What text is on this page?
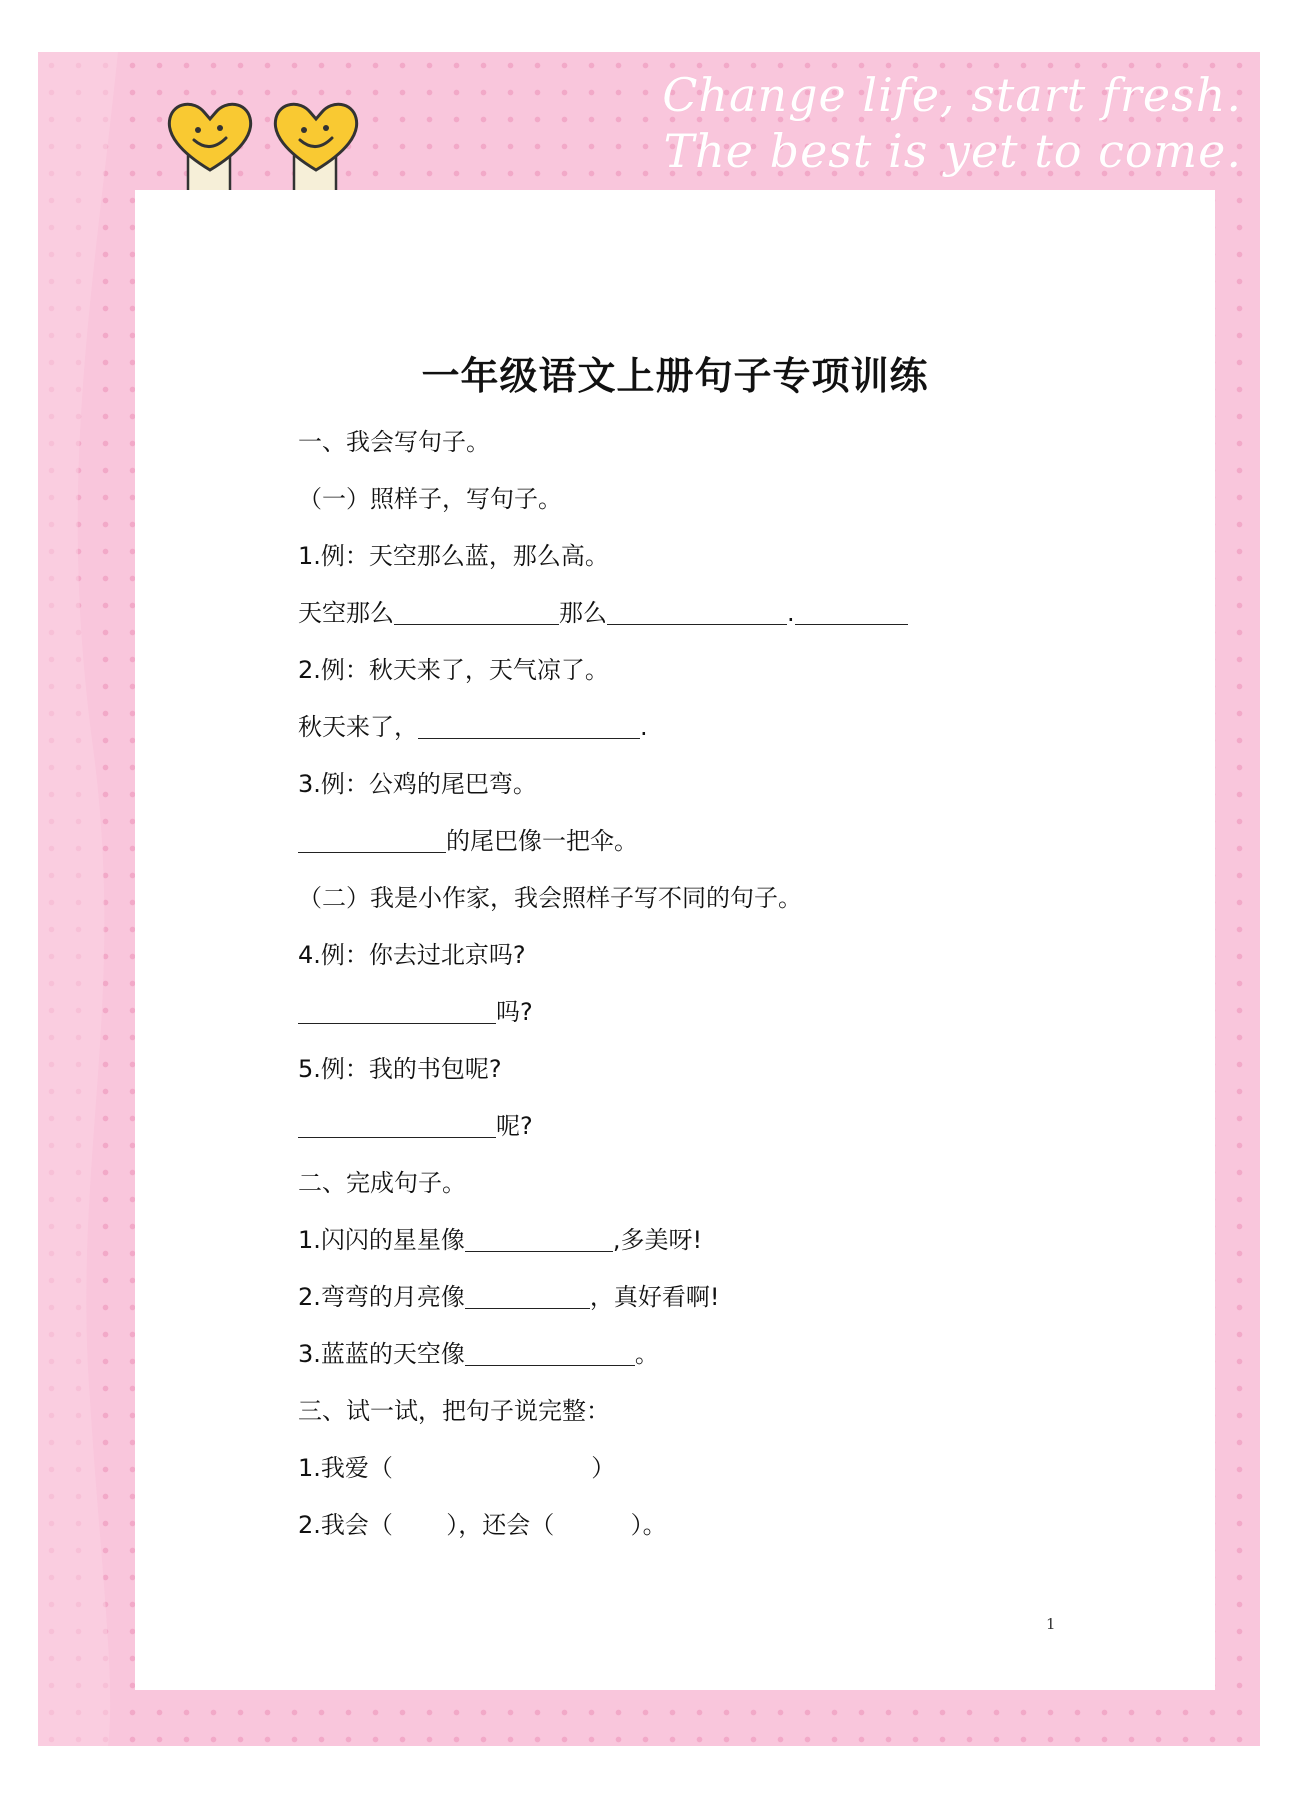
Change life, start fresh.
The best is yet to come.
一年级语文上册句子专项训练
一、我会写句子。
（一）照样子，写句子。
1.例：天空那么蓝，那么高。
天空那么	那么	.
2.例：秋天来了，天气凉了。
秋天来了，	.
3.例：公鸡的尾巴弯。
的尾巴像一把伞。
（二）我是小作家，我会照样子写不同的句子。
4.例：你去过北京吗?
吗?
5.例：我的书包呢?
呢?
二、完成句子。
1.闪闪的星星像	,多美呀!
2.弯弯的月亮像	，真好看啊!
3.蓝蓝的天空像	。
三、试一试，把句子说完整：
1.我爱（                          ）
2.我会（       ），还会（          ）。
1
